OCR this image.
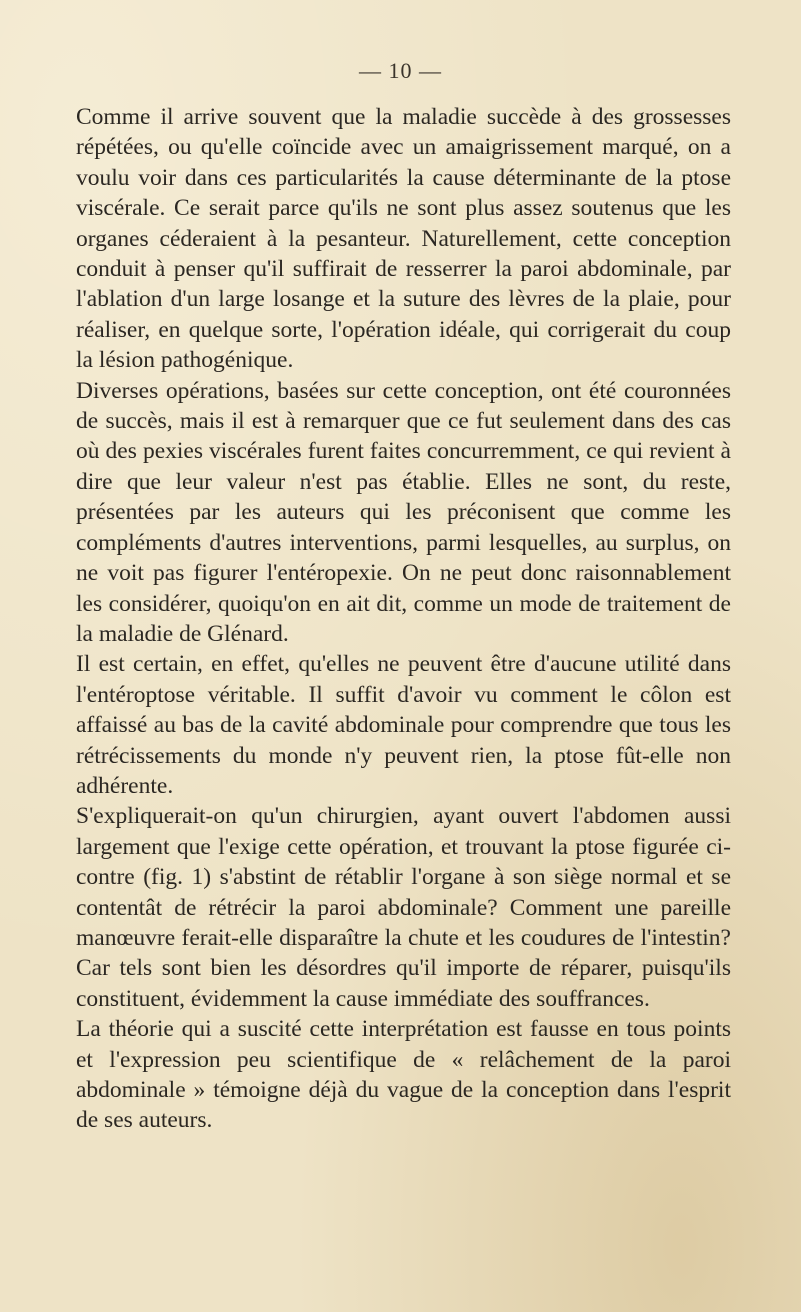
— 10 —

Comme il arrive souvent que la maladie succède à des grossesses répétées, ou qu'elle coïncide avec un amaigrissement marqué, on a voulu voir dans ces particularités la cause déterminante de la ptose viscérale. Ce serait parce qu'ils ne sont plus assez soutenus que les organes céderaient à la pesanteur. Naturellement, cette conception conduit à penser qu'il suffirait de resserrer la paroi abdominale, par l'ablation d'un large losange et la suture des lèvres de la plaie, pour réaliser, en quelque sorte, l'opération idéale, qui corrigerait du coup la lésion pathogénique.

Diverses opérations, basées sur cette conception, ont été couronnées de succès, mais il est à remarquer que ce fut seulement dans des cas où des pexies viscérales furent faites concurremment, ce qui revient à dire que leur valeur n'est pas établie. Elles ne sont, du reste, présentées par les auteurs qui les préconisent que comme les compléments d'autres interventions, parmi lesquelles, au surplus, on ne voit pas figurer l'entéropexie. On ne peut donc raisonnablement les considérer, quoiqu'on en ait dit, comme un mode de traitement de la maladie de Glénard.

Il est certain, en effet, qu'elles ne peuvent être d'aucune utilité dans l'entéroptose véritable. Il suffit d'avoir vu comment le côlon est affaissé au bas de la cavité abdominale pour comprendre que tous les rétrécissements du monde n'y peuvent rien, la ptose fût-elle non adhérente.

S'expliquerait-on qu'un chirurgien, ayant ouvert l'abdomen aussi largement que l'exige cette opération, et trouvant la ptose figurée ci-contre (fig. 1) s'abstint de rétablir l'organe à son siège normal et se contentât de rétrécir la paroi abdominale? Comment une pareille manœuvre ferait-elle disparaître la chute et les coudures de l'intestin? Car tels sont bien les désordres qu'il importe de réparer, puisqu'ils constituent, évidemment la cause immédiate des souffrances.

La théorie qui a suscité cette interprétation est fausse en tous points et l'expression peu scientifique de « relâchement de la paroi abdominale » témoigne déjà du vague de la conception dans l'esprit de ses auteurs.
